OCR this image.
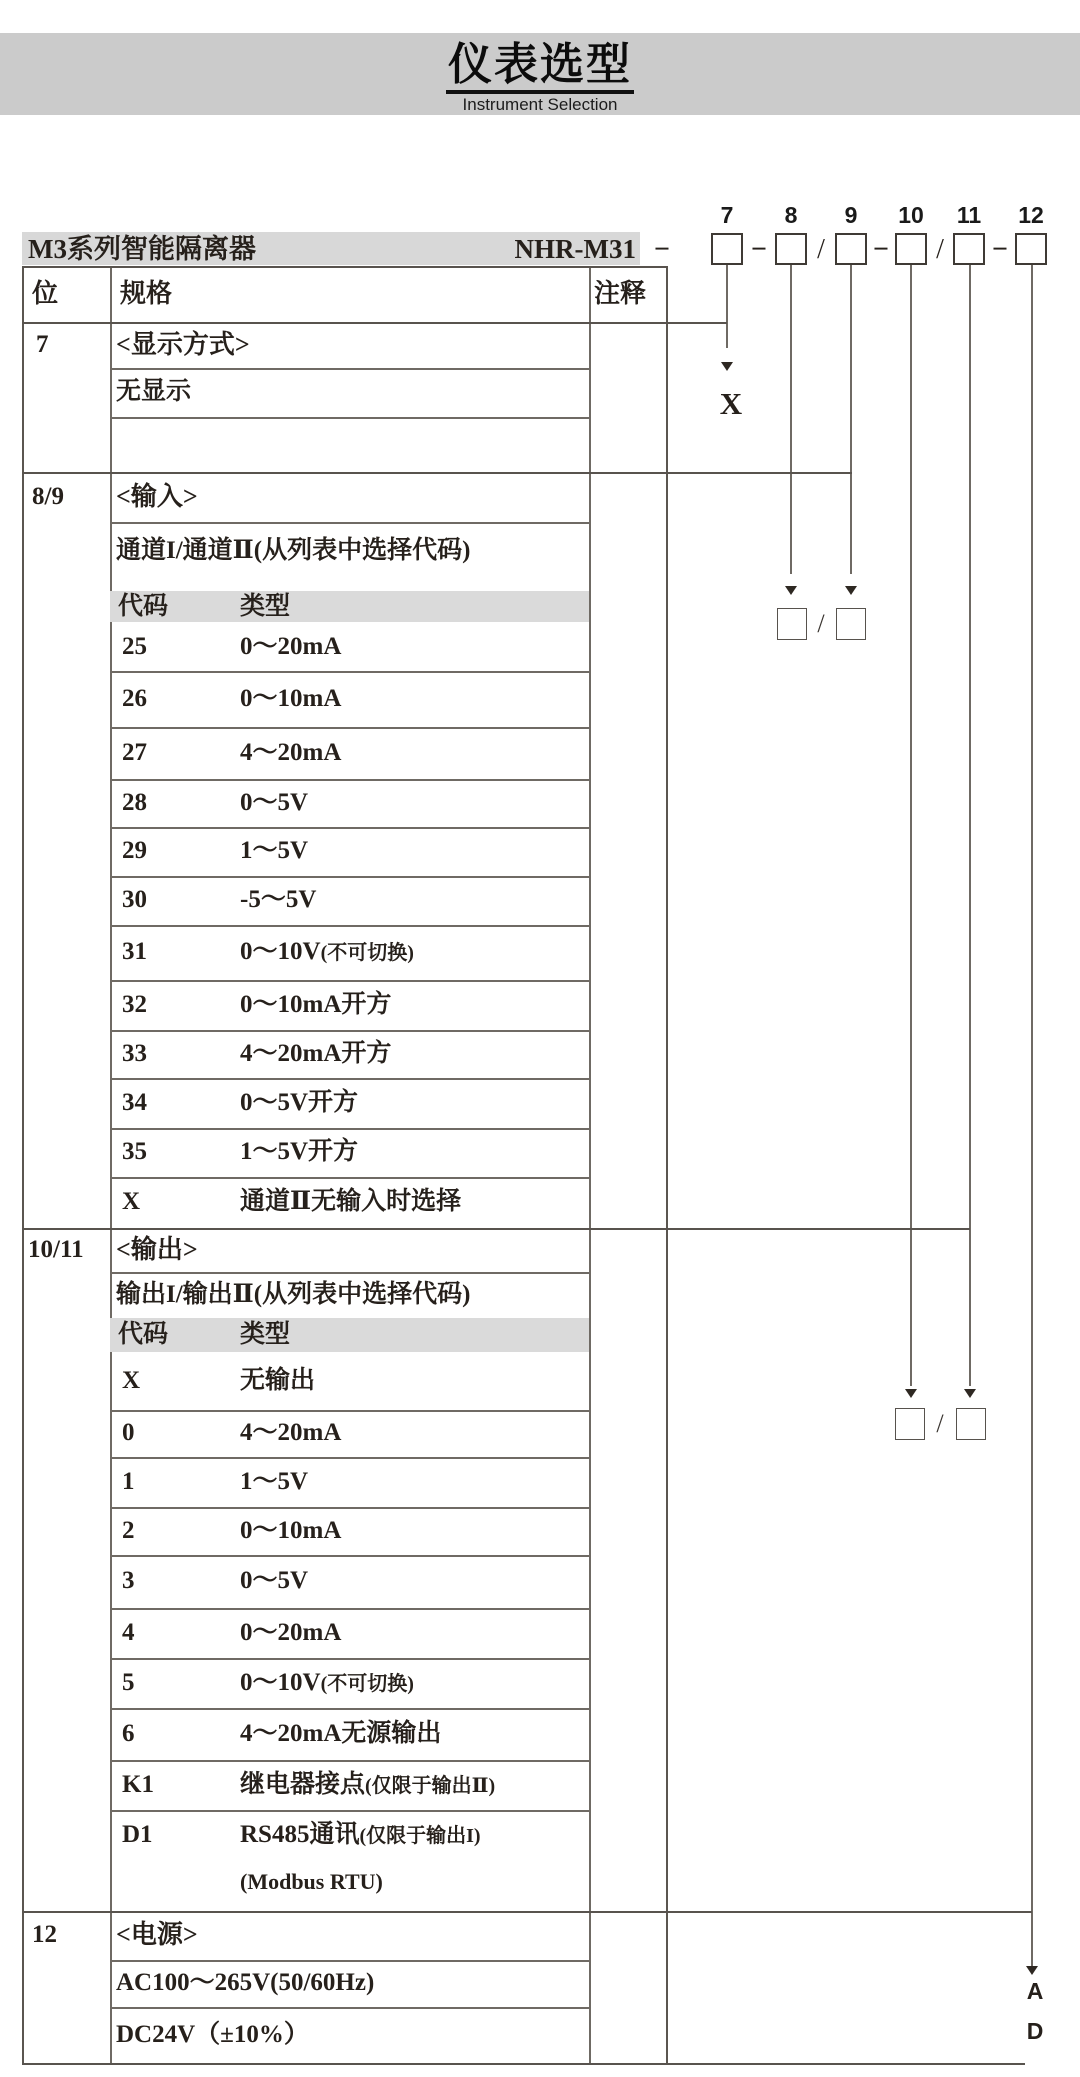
仪表选型
Instrument Selection
7 8 9 10 11 12
M3系列智能隔离器	NHR-M31 −	− / − / −
X
/
/
A
D
位 规格	注释
7	<显示方式>
无显示
8/9 <输入>
通道I/通道Ⅱ(从列表中选择代码)
代码	类型
25	0～20mA
26	0～10mA
27	4～20mA
28	0～5V
29	1～5V
30	-5～5V
31	0～10V(不可切换)
32	0～10mA开方
33	4～20mA开方
34	0～5V开方
35	1～5V开方
X	通道Ⅱ无输入时选择
10/11 <输出>
输出I/输出Ⅱ(从列表中选择代码)
代码	类型
X	无输出
0	4～20mA
1	1～5V
2	0～10mA
3	0～5V
4	0～20mA
5	0～10V(不可切换)
6	4～20mA无源输出
K1	继电器接点(仅限于输出Ⅱ)
D1	RS485通讯(仅限于输出I)
(Modbus RTU)
12 <电源>
AC100～265V(50/60Hz)
DC24V（±10%）
